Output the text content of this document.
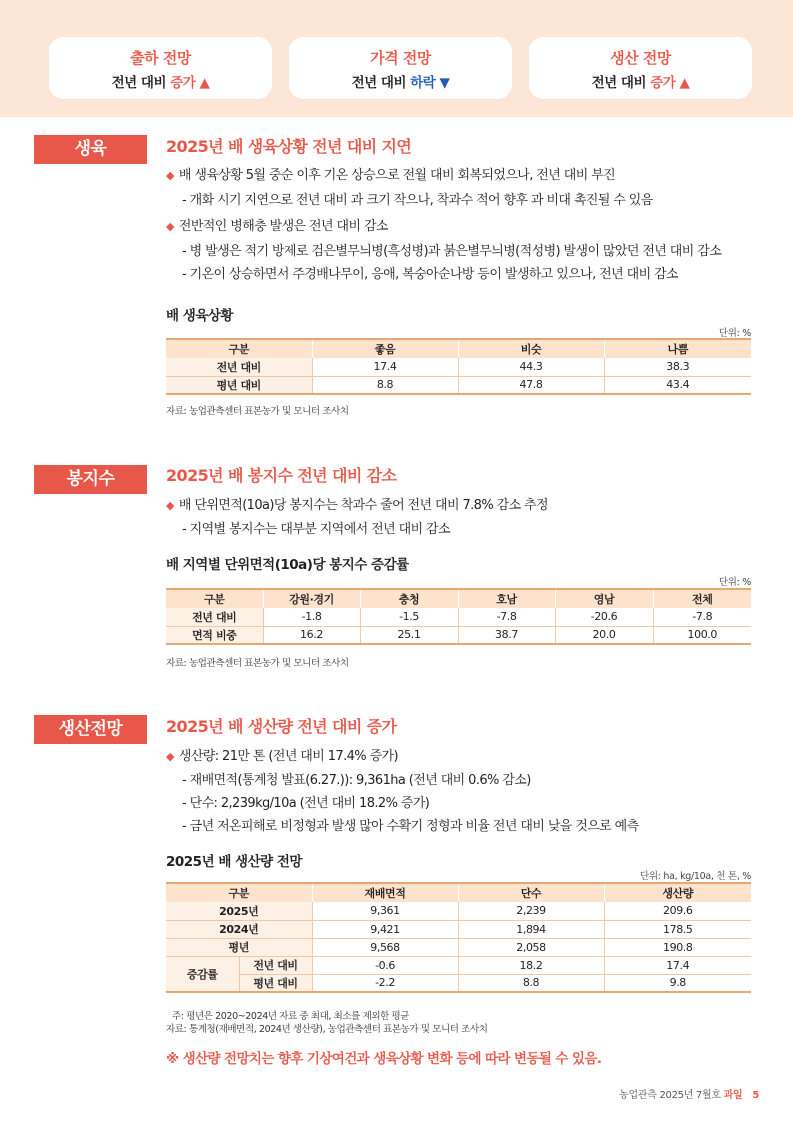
출하 전망
전년 대비 증가 ▲
가격 전망
전년 대비 하락 ▼
생산 전망
전년 대비 증가 ▲
생육	2025년 배 생육상황 전년 대비 지연
◆ 배 생육상황 5월 중순 이후 기온 상승으로 전월 대비 회복되었으나, 전년 대비 부진
- 개화 시기 지연으로 전년 대비 과 크기 작으나, 착과수 적어 향후 과 비대 촉진될 수 있음
◆ 전반적인 병해충 발생은 전년 대비 감소
- 병 발생은 적기 방제로 검은별무늬병(흑성병)과 붉은별무늬병(적성병) 발생이 많았던 전년 대비 감소
- 기온이 상승하면서 주경배나무이, 응애, 복숭아순나방 등이 발생하고 있으나, 전년 대비 감소
배 생육상황
단위: %
구분	좋음	비슷	나쁨
전년 대비	17.4	44.3	38.3
평년 대비	8.8	47.8	43.4
자료: 농업관측센터 표본농가 및 모니터 조사치
봉지수	2025년 배 봉지수 전년 대비 감소
◆ 배 단위면적(10a)당 봉지수는 착과수 줄어 전년 대비 7.8% 감소 추정
- 지역별 봉지수는 대부분 지역에서 전년 대비 감소
배 지역별 단위면적(10a)당 봉지수 증감률
단위: %
구분	강원·경기	충청	호남	영남	전체
전년 대비	-1.8	-1.5	-7.8	-20.6	-7.8
면적 비중	16.2	25.1	38.7	20.0	100.0
자료: 농업관측센터 표본농가 및 모니터 조사치
생산전망	2025년 배 생산량 전년 대비 증가
◆ 생산량: 21만 톤 (전년 대비 17.4% 증가)
- 재배면적(통계청 발표(6.27.)): 9,361ha (전년 대비 0.6% 감소)
- 단수: 2,239kg/10a (전년 대비 18.2% 증가)
- 금년 저온피해로 비정형과 발생 많아 수확기 정형과 비율 전년 대비 낮을 것으로 예측
2025년 배 생산량 전망
단위: ha, kg/10a, 천 톤, %
구분		재배면적	단수	생산량
2025년		9,361	2,239	209.6
2024년		9,421	1,894	178.5
평년		9,568	2,058	190.8
증감률	전년 대비	-0.6	18.2	17.4
	평년 대비	-2.2	8.8	9.8
주: 평년은 2020~2024년 자료 중 최대, 최소를 제외한 평균
자료: 통계청(재배면적, 2024년 생산량), 농업관측센터 표본농가 및 모니터 조사치
※ 생산량 전망치는 향후 기상여건과 생육상황 변화 등에 따라 변동될 수 있음.
농업관측 2025년 7월호 과일 5
